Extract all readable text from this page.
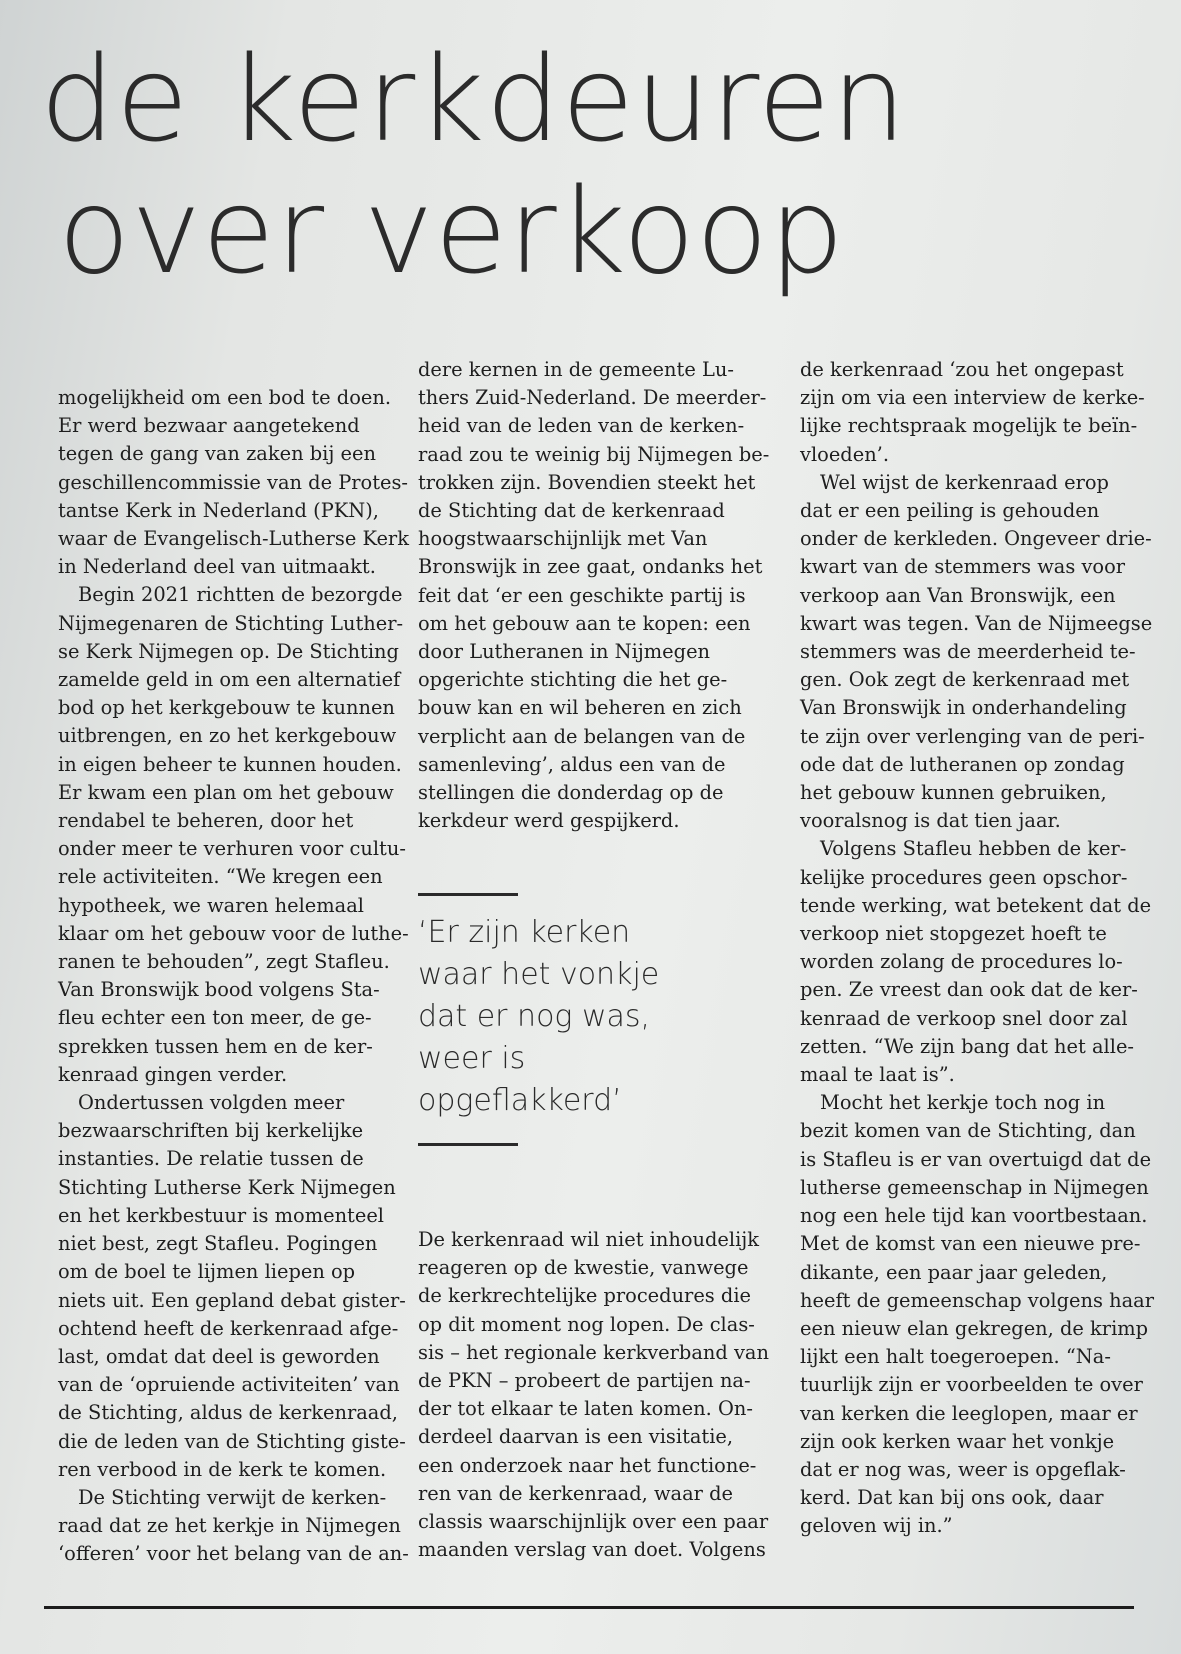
de kerkdeuren
over verkoop
mogelijkheid om een bod te doen.
Er werd bezwaar aangetekend
tegen de gang van zaken bij een
geschillencommissie van de Protes-
tantse Kerk in Nederland (PKN),
waar de Evangelisch-Lutherse Kerk
in Nederland deel van uitmaakt.
Begin 2021 richtten de bezorgde
Nijmegenaren de Stichting Luther-
se Kerk Nijmegen op. De Stichting
zamelde geld in om een alternatief
bod op het kerkgebouw te kunnen
uitbrengen, en zo het kerkgebouw
in eigen beheer te kunnen houden.
Er kwam een plan om het gebouw
rendabel te beheren, door het
onder meer te verhuren voor cultu-
rele activiteiten. “We kregen een
hypotheek, we waren helemaal
klaar om het gebouw voor de luthe-
ranen te behouden”, zegt Stafleu.
Van Bronswijk bood volgens Sta-
fleu echter een ton meer, de ge-
sprekken tussen hem en de ker-
kenraad gingen verder.
Ondertussen volgden meer
bezwaarschriften bij kerkelijke
instanties. De relatie tussen de
Stichting Lutherse Kerk Nijmegen
en het kerkbestuur is momenteel
niet best, zegt Stafleu. Pogingen
om de boel te lijmen liepen op
niets uit. Een gepland debat gister-
ochtend heeft de kerkenraad afge-
last, omdat dat deel is geworden
van de ‘opruiende activiteiten’ van
de Stichting, aldus de kerkenraad,
die de leden van de Stichting giste-
ren verbood in de kerk te komen.
De Stichting verwijt de kerken-
raad dat ze het kerkje in Nijmegen
‘offeren’ voor het belang van de an-
dere kernen in de gemeente Lu-
thers Zuid-Nederland. De meerder-
heid van de leden van de kerken-
raad zou te weinig bij Nijmegen be-
trokken zijn. Bovendien steekt het
de Stichting dat de kerkenraad
hoogstwaarschijnlijk met Van
Bronswijk in zee gaat, ondanks het
feit dat ‘er een geschikte partij is
om het gebouw aan te kopen: een
door Lutheranen in Nijmegen
opgerichte stichting die het ge-
bouw kan en wil beheren en zich
verplicht aan de belangen van de
samenleving’, aldus een van de
stellingen die donderdag op de
kerkdeur werd gespijkerd.
‘Er zijn kerken
waar het vonkje
dat er nog was,
weer is
opgeflakkerd’
De kerkenraad wil niet inhoudelijk
reageren op de kwestie, vanwege
de kerkrechtelijke procedures die
op dit moment nog lopen. De clas-
sis – het regionale kerkverband van
de PKN – probeert de partijen na-
der tot elkaar te laten komen. On-
derdeel daarvan is een visitatie,
een onderzoek naar het functione-
ren van de kerkenraad, waar de
classis waarschijnlijk over een paar
maanden verslag van doet. Volgens
de kerkenraad ‘zou het ongepast
zijn om via een interview de kerke-
lijke rechtspraak mogelijk te beïn-
vloeden’.
Wel wijst de kerkenraad erop
dat er een peiling is gehouden
onder de kerkleden. Ongeveer drie-
kwart van de stemmers was voor
verkoop aan Van Bronswijk, een
kwart was tegen. Van de Nijmeegse
stemmers was de meerderheid te-
gen. Ook zegt de kerkenraad met
Van Bronswijk in onderhandeling
te zijn over verlenging van de peri-
ode dat de lutheranen op zondag
het gebouw kunnen gebruiken,
vooralsnog is dat tien jaar.
Volgens Stafleu hebben de ker-
kelijke procedures geen opschor-
tende werking, wat betekent dat de
verkoop niet stopgezet hoeft te
worden zolang de procedures lo-
pen. Ze vreest dan ook dat de ker-
kenraad de verkoop snel door zal
zetten. “We zijn bang dat het alle-
maal te laat is”.
Mocht het kerkje toch nog in
bezit komen van de Stichting, dan
is Stafleu is er van overtuigd dat de
lutherse gemeenschap in Nijmegen
nog een hele tijd kan voortbestaan.
Met de komst van een nieuwe pre-
dikante, een paar jaar geleden,
heeft de gemeenschap volgens haar
een nieuw elan gekregen, de krimp
lijkt een halt toegeroepen. “Na-
tuurlijk zijn er voorbeelden te over
van kerken die leeglopen, maar er
zijn ook kerken waar het vonkje
dat er nog was, weer is opgeflak-
kerd. Dat kan bij ons ook, daar
geloven wij in.”
